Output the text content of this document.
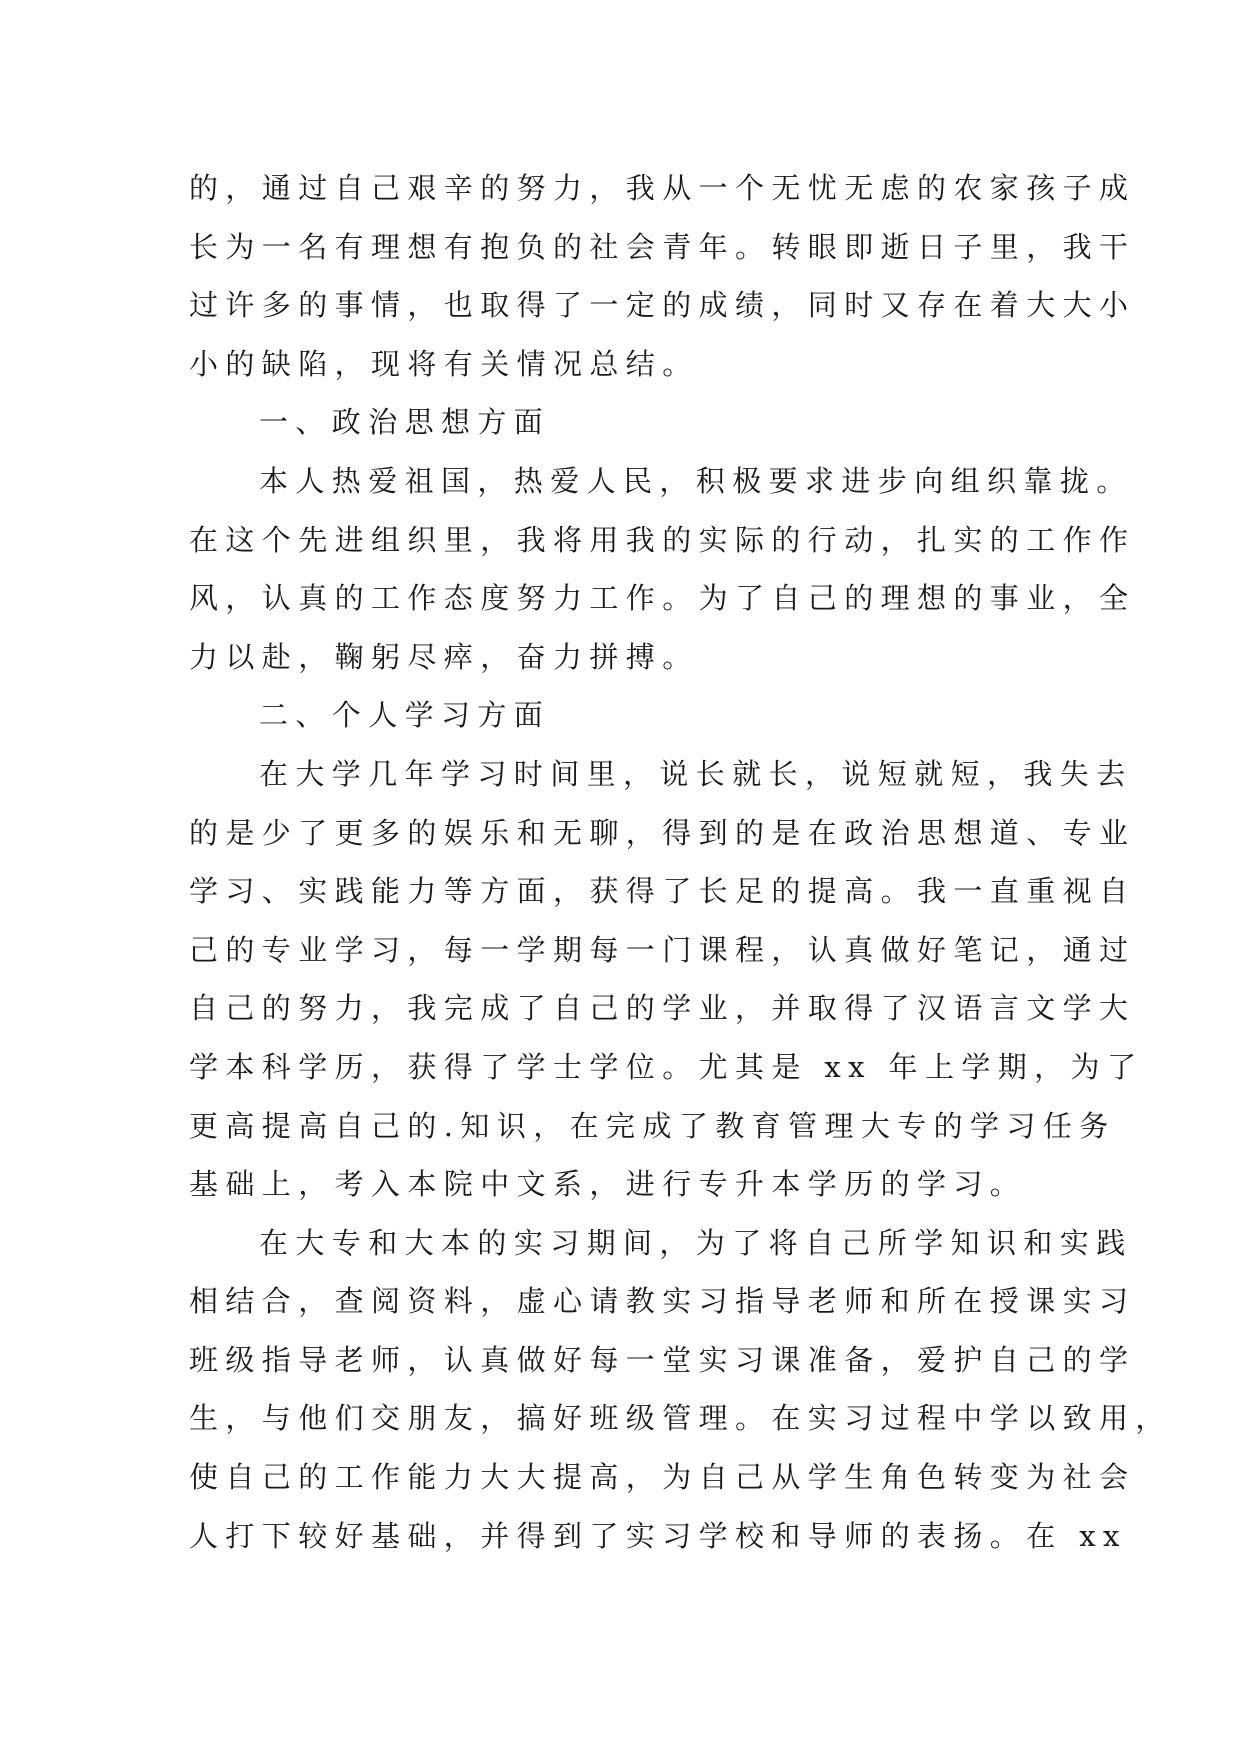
的，通过自己艰辛的努力，我从一个无忧无虑的农家孩子成
长为一名有理想有抱负的社会青年。转眼即逝日子里，我干
过许多的事情，也取得了一定的成绩，同时又存在着大大小
小的缺陷，现将有关情况总结。
一、政治思想方面
本人热爱祖国，热爱人民，积极要求进步向组织靠拢。
在这个先进组织里，我将用我的实际的行动，扎实的工作作
风，认真的工作态度努力工作。为了自己的理想的事业，全
力以赴，鞠躬尽瘁，奋力拼搏。
二、个人学习方面
在大学几年学习时间里，说长就长，说短就短，我失去
的是少了更多的娱乐和无聊，得到的是在政治思想道、专业
学习、实践能力等方面，获得了长足的提高。我一直重视自
己的专业学习，每一学期每一门课程，认真做好笔记，通过
自己的努力，我完成了自己的学业，并取得了汉语言文学大
学本科学历，获得了学士学位。尤其是 xx 年上学期，为了
更高提高自己的.知识，在完成了教育管理大专的学习任务
基础上，考入本院中文系，进行专升本学历的学习。
在大专和大本的实习期间，为了将自己所学知识和实践
相结合，查阅资料，虚心请教实习指导老师和所在授课实习
班级指导老师，认真做好每一堂实习课准备，爱护自己的学
生，与他们交朋友，搞好班级管理。在实习过程中学以致用，
使自己的工作能力大大提高，为自己从学生角色转变为社会
人打下较好基础，并得到了实习学校和导师的表扬。在 xx
